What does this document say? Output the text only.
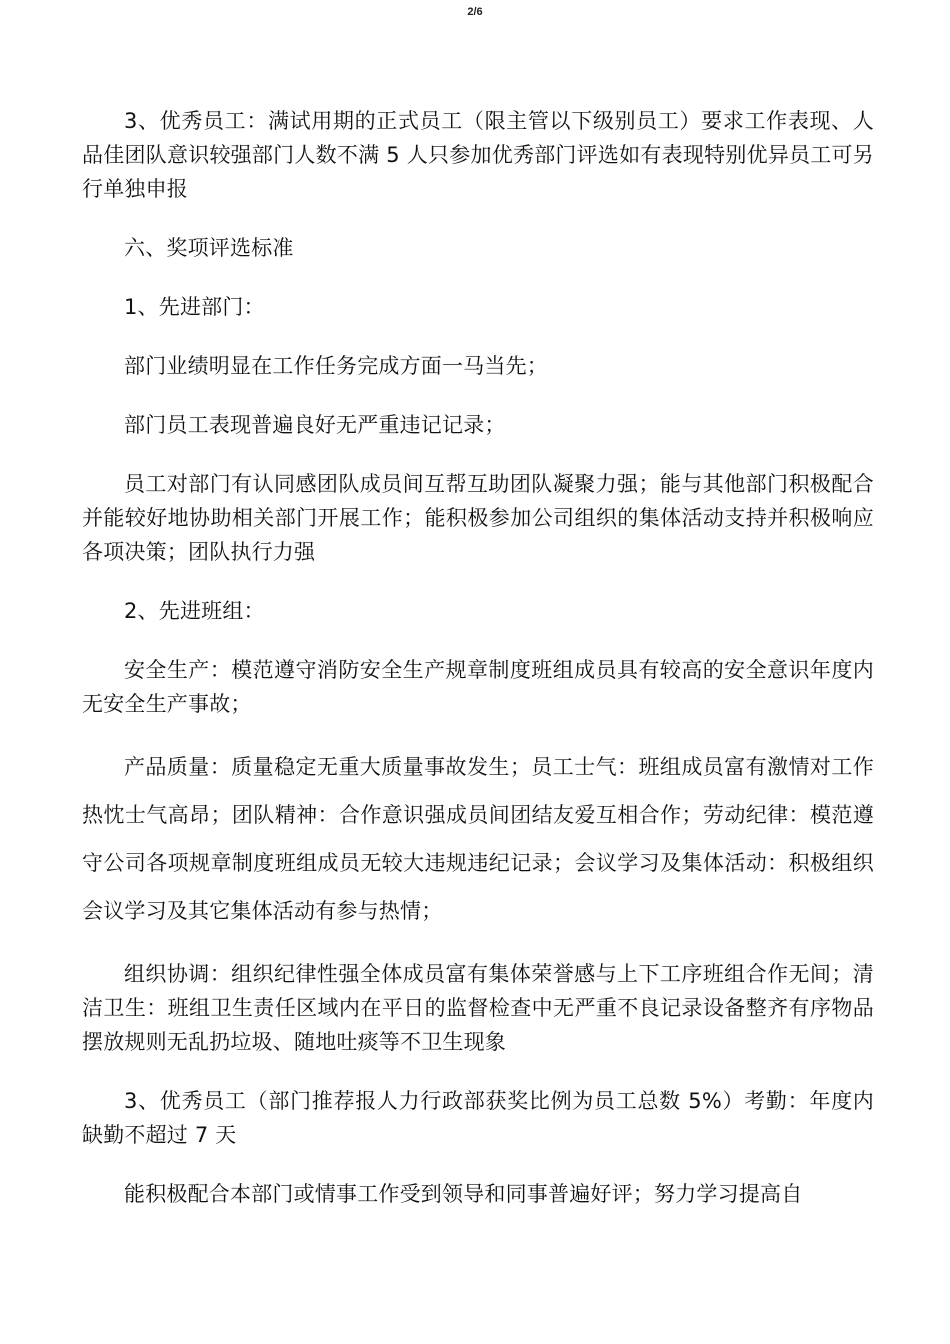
2/6

3、优秀员工：满试用期的正式员工（限主管以下级别员工）要求工作表现、人品佳团队意识较强部门人数不满 5 人只参加优秀部门评选如有表现特别优异员工可另行单独申报

六、奖项评选标准

1、先进部门：

部门业绩明显在工作任务完成方面一马当先；

部门员工表现普遍良好无严重违记记录；

员工对部门有认同感团队成员间互帮互助团队凝聚力强；能与其他部门积极配合并能较好地协助相关部门开展工作；能积极参加公司组织的集体活动支持并积极响应各项决策；团队执行力强

2、先进班组：

安全生产：模范遵守消防安全生产规章制度班组成员具有较高的安全意识年度内无安全生产事故；

产品质量：质量稳定无重大质量事故发生；员工士气：班组成员富有激情对工作热忱士气高昂；团队精神：合作意识强成员间团结友爱互相合作；劳动纪律：模范遵守公司各项规章制度班组成员无较大违规违纪记录；会议学习及集体活动：积极组织会议学习及其它集体活动有参与热情；

组织协调：组织纪律性强全体成员富有集体荣誉感与上下工序班组合作无间；清洁卫生：班组卫生责任区域内在平日的监督检查中无严重不良记录设备整齐有序物品摆放规则无乱扔垃圾、随地吐痰等不卫生现象

3、优秀员工（部门推荐报人力行政部获奖比例为员工总数 5%）考勤：年度内缺勤不超过 7 天

能积极配合本部门或情事工作受到领导和同事普遍好评；努力学习提高自
